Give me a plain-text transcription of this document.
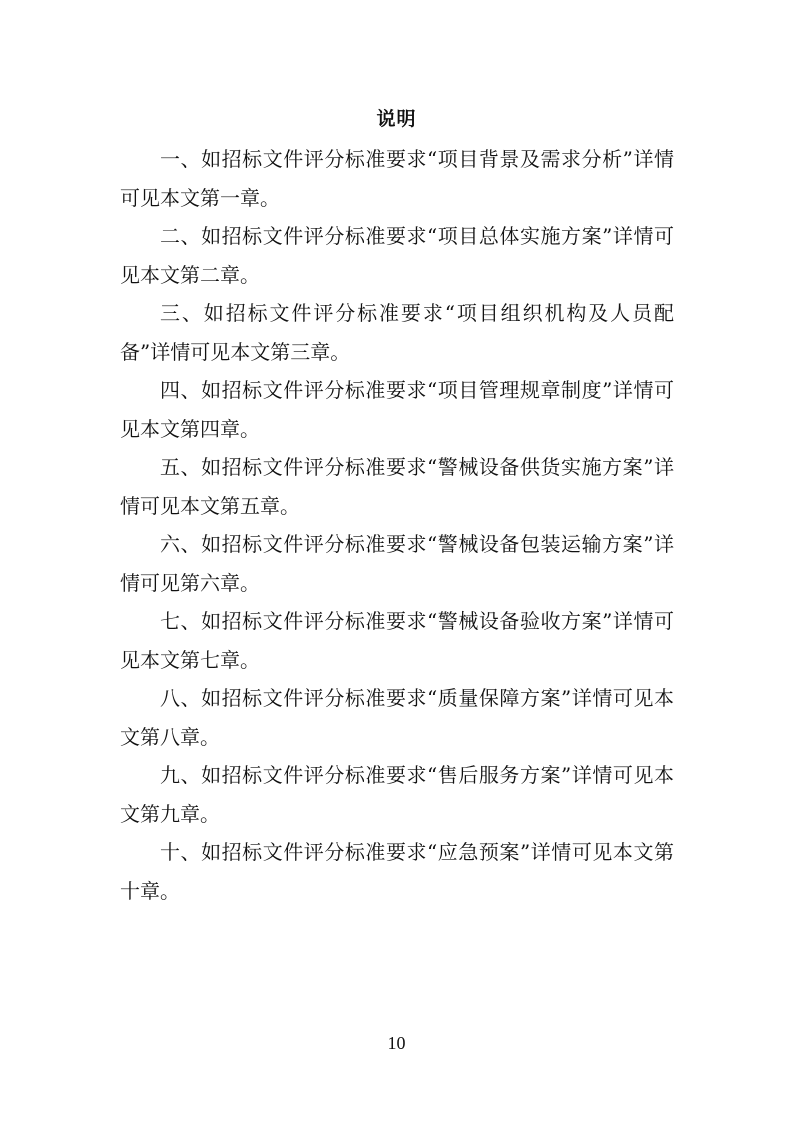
说明

一、如招标文件评分标准要求“项目背景及需求分析”详情可见本文第一章。

二、如招标文件评分标准要求“项目总体实施方案”详情可见本文第二章。

三、如招标文件评分标准要求“项目组织机构及人员配备”详情可见本文第三章。

四、如招标文件评分标准要求“项目管理规章制度”详情可见本文第四章。

五、如招标文件评分标准要求“警械设备供货实施方案”详情可见本文第五章。

六、如招标文件评分标准要求“警械设备包装运输方案”详情可见第六章。

七、如招标文件评分标准要求“警械设备验收方案”详情可见本文第七章。

八、如招标文件评分标准要求“质量保障方案”详情可见本文第八章。

九、如招标文件评分标准要求“售后服务方案”详情可见本文第九章。

十、如招标文件评分标准要求“应急预案”详情可见本文第十章。

10
